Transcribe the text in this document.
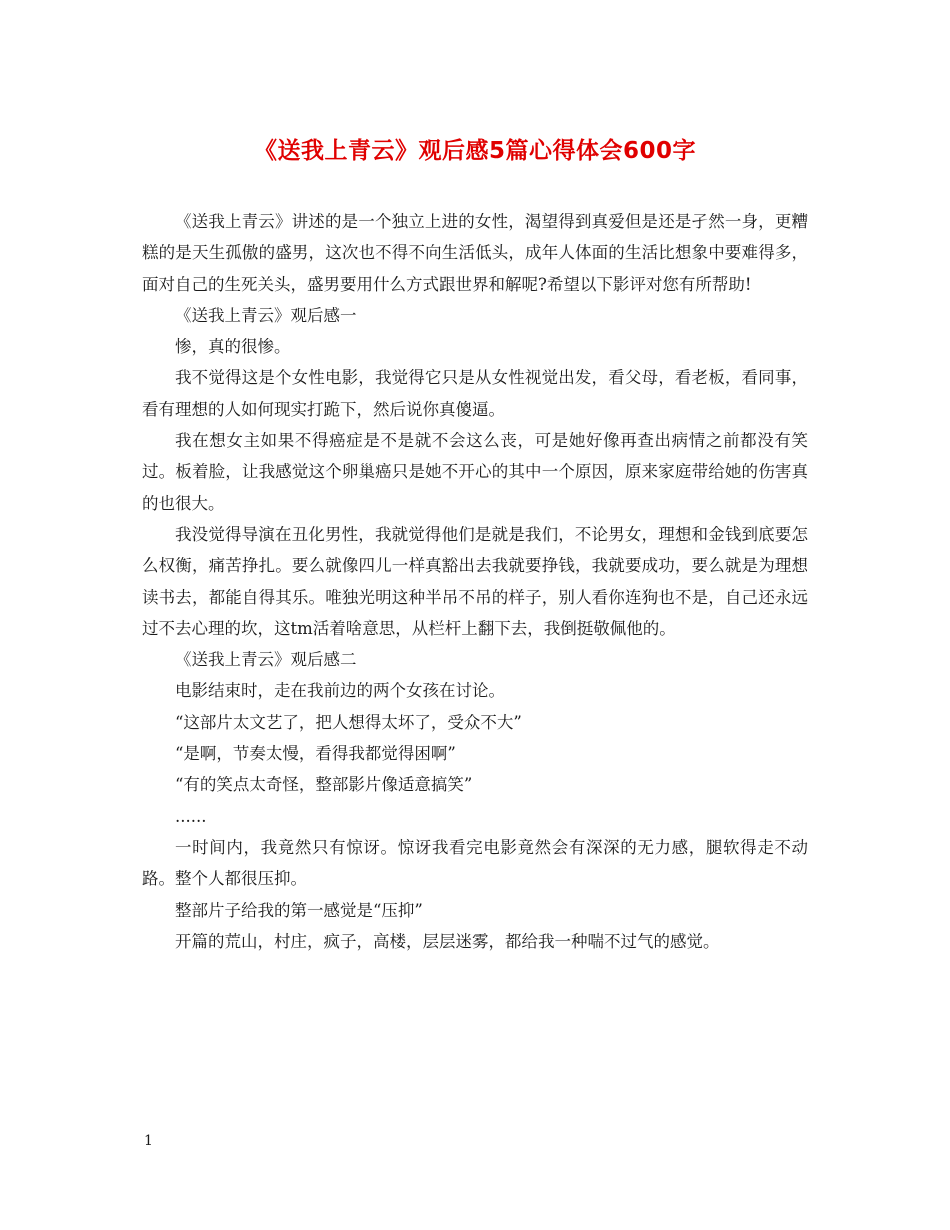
《送我上青云》观后感5篇心得体会600字

《送我上青云》讲述的是一个独立上进的女性，渴望得到真爱但是还是孑然一身，更糟糕的是天生孤傲的盛男，这次也不得不向生活低头，成年人体面的生活比想象中要难得多，面对自己的生死关头，盛男要用什么方式跟世界和解呢?希望以下影评对您有所帮助!

《送我上青云》观后感一

惨，真的很惨。

我不觉得这是个女性电影，我觉得它只是从女性视觉出发，看父母，看老板，看同事，看有理想的人如何现实打跪下，然后说你真傻逼。

我在想女主如果不得癌症是不是就不会这么丧，可是她好像再查出病情之前都没有笑过。板着脸，让我感觉这个卵巢癌只是她不开心的其中一个原因，原来家庭带给她的伤害真的也很大。

我没觉得导演在丑化男性，我就觉得他们是就是我们，不论男女，理想和金钱到底要怎么权衡，痛苦挣扎。要么就像四儿一样真豁出去我就要挣钱，我就要成功，要么就是为理想读书去，都能自得其乐。唯独光明这种半吊不吊的样子，别人看你连狗也不是，自己还永远过不去心理的坎，这tm活着啥意思，从栏杆上翻下去，我倒挺敬佩他的。

《送我上青云》观后感二

电影结束时，走在我前边的两个女孩在讨论。

“这部片太文艺了，把人想得太坏了，受众不大”

“是啊，节奏太慢，看得我都觉得困啊”

“有的笑点太奇怪，整部影片像适意搞笑”

......

一时间内，我竟然只有惊讶。惊讶我看完电影竟然会有深深的无力感，腿软得走不动路。整个人都很压抑。

整部片子给我的第一感觉是“压抑”

开篇的荒山，村庄，疯子，高楼，层层迷雾，都给我一种喘不过气的感觉。

1
